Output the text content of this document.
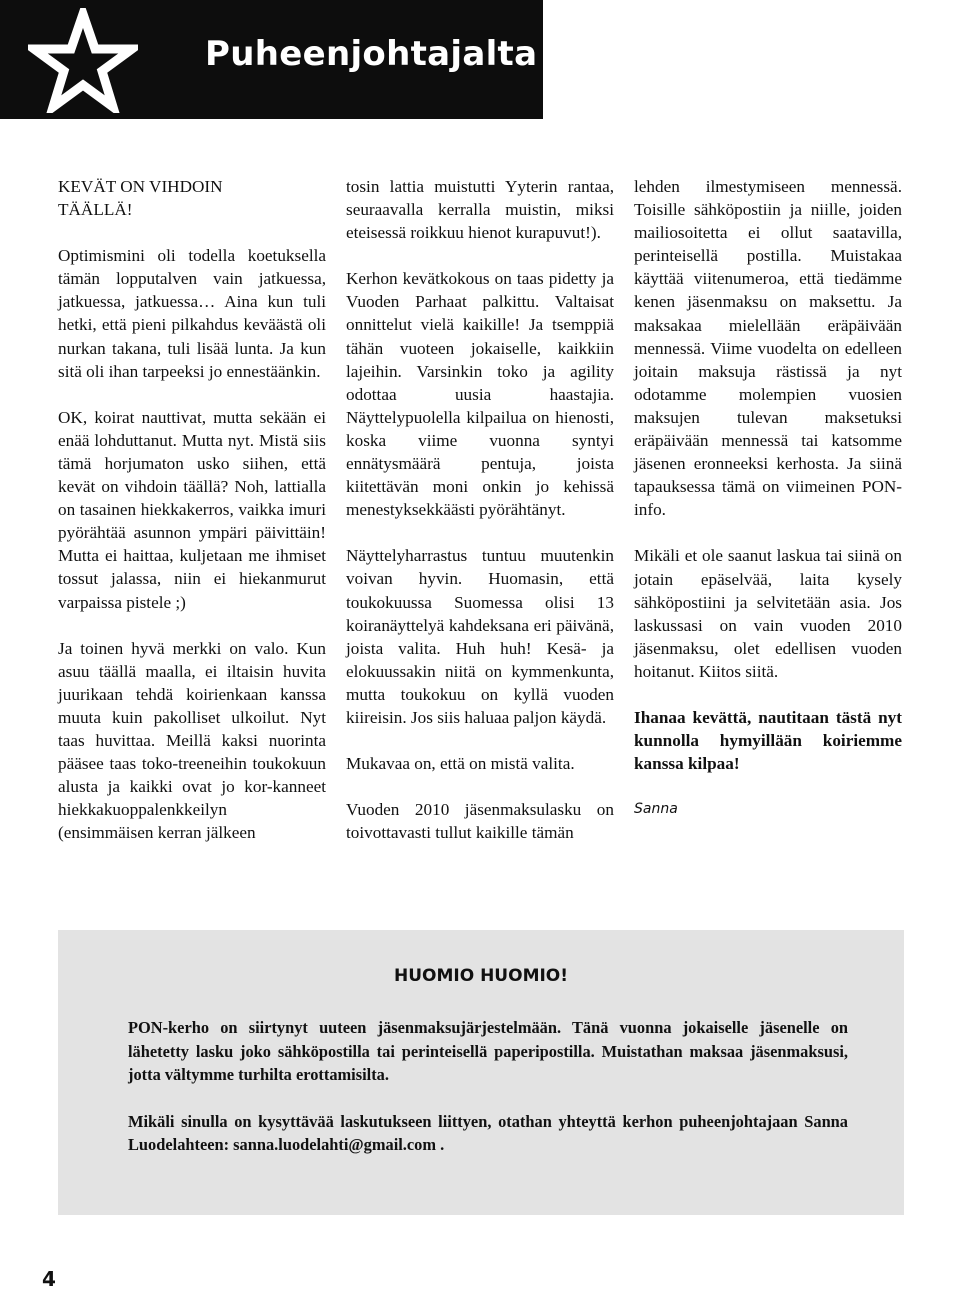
Puheenjohtajalta

KEVÄT ON VIHDOIN TÄÄLLÄ!

Optimismini oli todella koetuksella tämän lopputalven vain jatkuessa, jatkuessa, jatkuessa… Aina kun tuli hetki, että pieni pilkahdus keväästä oli nurkan takana, tuli lisää lunta. Ja kun sitä oli ihan tarpeeksi jo ennestäänkin.

OK, koirat nauttivat, mutta sekään ei enää lohduttanut. Mutta nyt. Mistä siis tämä horjumaton usko siihen, että kevät on vihdoin täällä? Noh, lattialla on tasainen hiekkakerros, vaikka imuri pyörähtää asunnon ympäri päivittäin! Mutta ei haittaa, kuljetaan me ihmiset tossut jalassa, niin ei hiekanmurut varpaissa pistele ;)

Ja toinen hyvä merkki on valo. Kun asuu täällä maalla, ei iltaisin huvita juurikaan tehdä koirienkaan kanssa muuta kuin pakolliset ulkoilut. Nyt taas huvittaa. Meillä kaksi nuorinta pääsee taas toko-treeneihin toukokuun alusta ja kaikki ovat jo kor-kanneet hiekkakuoppalenkkeilyn (ensimmäisen kerran jälkeen

tosin lattia muistutti Yyterin rantaa, seuraavalla kerralla muistin, miksi eteisessä roikkuu hienot kurapuvut!).

Kerhon kevätkokous on taas pidetty ja Vuoden Parhaat palkittu. Valtaisat onnittelut vielä kaikille! Ja tsemppiä tähän vuoteen jokaiselle, kaikkiin lajeihin. Varsinkin toko ja agility odottaa uusia haastajia. Näyttelypuolella kilpailua on hienosti, koska viime vuonna syntyi ennätysmäärä pentuja, joista kiitettävän moni onkin jo kehissä menestyksekkäästi pyörähtänyt.

Näyttelyharrastus tuntuu muutenkin voivan hyvin. Huomasin, että toukokuussa Suomessa olisi 13 koiranäyttelyä kahdeksana eri päivänä, joista valita. Huh huh! Kesä- ja elokuussakin niitä on kymmenkunta, mutta toukokuu on kyllä vuoden kiireisin. Jos siis haluaa paljon käydä.

Mukavaa on, että on mistä valita.

Vuoden 2010 jäsenmaksulasku on toivottavasti tullut kaikille tämän

lehden ilmestymiseen mennessä. Toisille sähköpostiin ja niille, joiden mailiosoitetta ei ollut saatavilla, perinteisellä postilla. Muistakaa käyttää viitenumeroa, että tiedämme kenen jäsenmaksu on maksettu. Ja maksakaa mielellään eräpäivään mennessä. Viime vuodelta on edelleen joitain maksuja rästissä ja nyt odotamme molempien vuosien maksujen tulevan maksetuksi eräpäivään mennessä tai katsomme jäsenen eronneeksi kerhosta. Ja siinä tapauksessa tämä on viimeinen PON-info.

Mikäli et ole saanut laskua tai siinä on jotain epäselvää, laita kysely sähköpostiini ja selvitetään asia. Jos laskussasi on vain vuoden 2010 jäsenmaksu, olet edellisen vuoden hoitanut. Kiitos siitä.

Ihanaa kevättä, nautitaan tästä nyt kunnolla hymyillään koiriemme kanssa kilpaa!

Sanna

HUOMIO HUOMIO!

PON-kerho on siirtynyt uuteen jäsenmaksujärjestelmään. Tänä vuonna jokaiselle jäsenelle on lähetetty lasku joko sähköpostilla tai perinteisellä paperipostilla. Muistathan maksaa jäsenmaksusi, jotta vältymme turhilta erottamisilta.

Mikäli sinulla on kysyttävää laskutukseen liittyen, otathan yhteyttä kerhon puheenjohtajaan Sanna Luodelahteen: sanna.luodelahti@gmail.com .

4
